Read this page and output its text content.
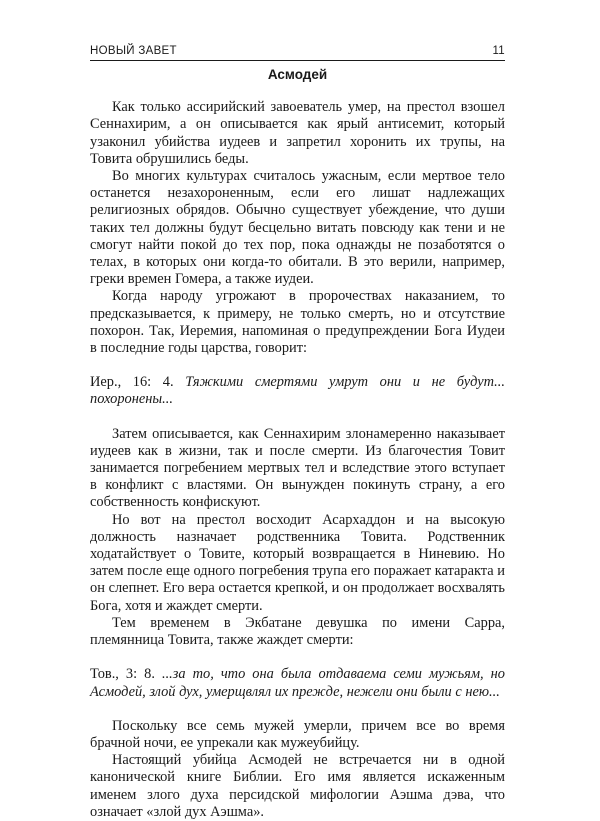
НОВЫЙ ЗАВЕТ	11
Асмодей

Как только ассирийский завоеватель умер, на престол взошел Сеннахирим, а он описывается как ярый антисемит, который узаконил убийства иудеев и запретил хоронить их трупы, на Товита обрушились беды.

Во многих культурах считалось ужасным, если мертвое тело останется незахороненным, если его лишат надлежащих религиозных обрядов. Обычно существует убеждение, что души таких тел должны будут бесцельно витать повсюду как тени и не смогут найти покой до тех пор, пока однажды не позаботятся о телах, в которых они когда-то обитали. В это верили, например, греки времен Гомера, а также иудеи.

Когда народу угрожают в пророчествах наказанием, то предсказывается, к примеру, не только смерть, но и отсутствие похорон. Так, Иеремия, напоминая о предупреждении Бога Иудеи в последние годы царства, говорит:

Иер., 16: 4. Тяжкими смертями умрут они и не будут... похоронены...

Затем описывается, как Сеннахирим злонамеренно наказывает иудеев как в жизни, так и после смерти. Из благочестия Товит занимается погребением мертвых тел и вследствие этого вступает в конфликт с властями. Он вынужден покинуть страну, а его собственность конфискуют.

Но вот на престол восходит Асархаддон и на высокую должность назначает родственника Товита. Родственник ходатайствует о Товите, который возвращается в Ниневию. Но затем после еще одного погребения трупа его поражает катаракта и он слепнет. Его вера остается крепкой, и он продолжает восхвалять Бога, хотя и жаждет смерти.

Тем временем в Экбатане девушка по имени Сарра, племянница Товита, также жаждет смерти:

Тов., 3: 8. ...за то, что она была отдаваема семи мужьям, но Асмодей, злой дух, умерщвлял их прежде, нежели они были с нею...

Поскольку все семь мужей умерли, причем все во время брачной ночи, ее упрекали как мужеубийцу.

Настоящий убийца Асмодей не встречается ни в одной канонической книге Библии. Его имя является искаженным именем злого духа персидской мифологии Аэшма дэва, что означает «злой дух Аэшма».
